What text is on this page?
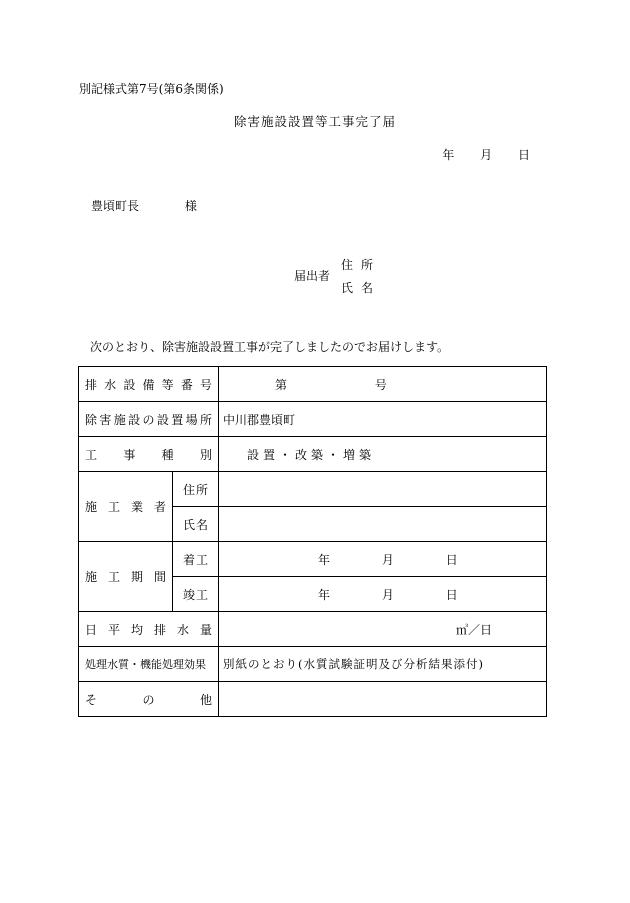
別記様式第7号(第6条関係)
除害施設設置等工事完了届
年 月 日
豊頃町長	様
届出者
住所
氏名
次のとおり、除害施設設置工事が完了しましたのでお届けします。
排水設備等番号		第 号
除害施設の設置場所		中川郡豊頃町
工事種別		設置・改築・増築
施工業者	住所	
	氏名	
施工期間	着工	年 月 日
	竣工	年 月 日
日平均排水量		㎥／日
処理水質・機能処理効果		別紙のとおり(水質試験証明及び分析結果添付)
その他		
